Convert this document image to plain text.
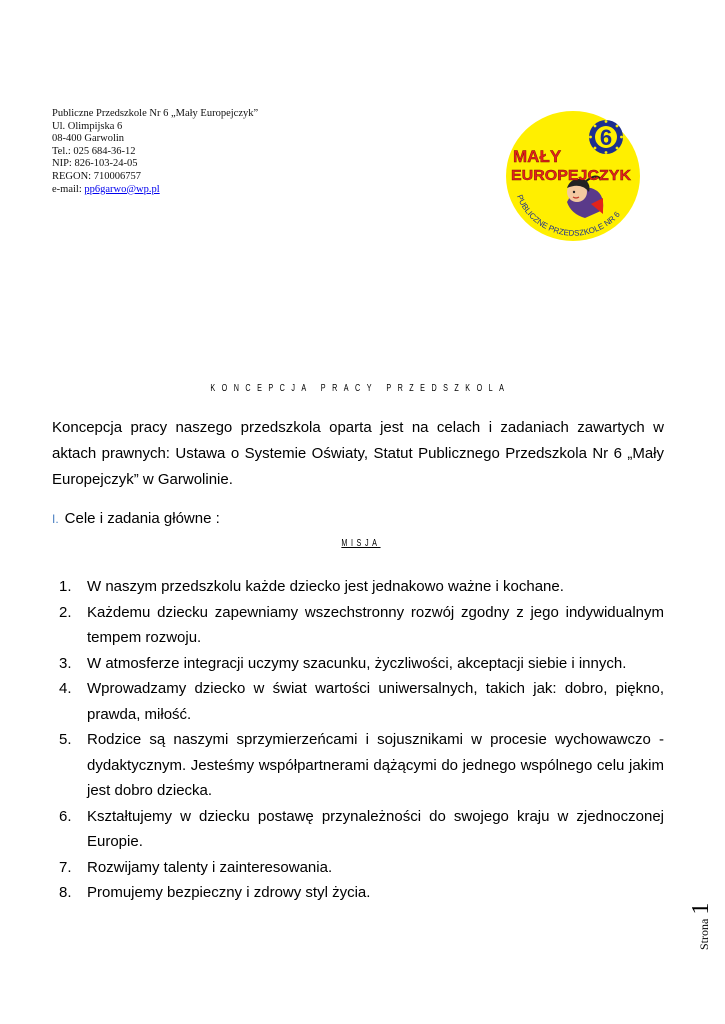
Publiczne Przedszkole Nr 6 „Mały Europejczyk”
Ul. Olimpijska 6
08-400 Garwolin
Tel.: 025 684-36-12
NIP: 826-103-24-05
REGON: 710006757
e-mail: pp6garwo@wp.pl
6
MAŁY
EUROPEJCZYK
PUBLICZNE PRZEDSZKOLE NR 6
KONCEPCJA PRACY PRZEDSZKOLA
Koncepcja pracy naszego przedszkola oparta jest na celach i zadaniach zawartych w aktach prawnych: Ustawa o Systemie Oświaty, Statut Publicznego Przedszkola Nr 6 „Mały Europejczyk” w Garwolinie.
I. Cele i zadania główne :
MISJA
1. W naszym przedszkolu każde dziecko jest jednakowo ważne i kochane.
2. Każdemu dziecku zapewniamy wszechstronny rozwój zgodny z jego indywidualnym tempem rozwoju.
3. W atmosferze integracji uczymy szacunku, życzliwości, akceptacji siebie i innych.
4. Wprowadzamy dziecko w świat wartości uniwersalnych, takich jak: dobro, piękno, prawda, miłość.
5. Rodzice są naszymi sprzymierzeńcami i sojusznikami w procesie wychowawczo - dydaktycznym. Jesteśmy współpartnerami dążącymi do jednego wspólnego celu jakim jest dobro dziecka.
6. Kształtujemy w dziecku postawę przynależności do swojego kraju w zjednoczonej Europie.
7. Rozwijamy talenty i zainteresowania.
8. Promujemy bezpieczny i zdrowy styl życia.
Strona1
